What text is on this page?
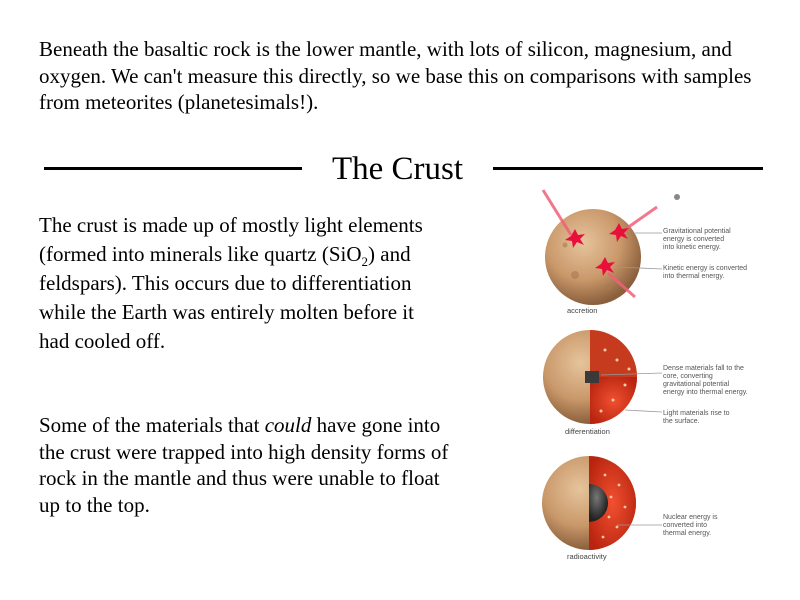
Beneath the basaltic rock is the lower mantle, with lots of silicon, magnesium, and oxygen. We can't measure this directly, so we base this on comparisons with samples from meteorites (planetesimals!).
The Crust
The crust is made up of mostly light elements (formed into minerals like quartz (SiO$_2$) and feldspars). This occurs due to differentiation while the Earth was entirely molten before it had cooled off.
Some of the materials that could have gone into the crust were trapped into high density forms of rock in the mantle and thus were unable to float up to the top.
Gravitational potential energy is converted into kinetic energy.
Kinetic energy is converted into thermal energy.
accretion
Dense materials fall to the core, converting gravitational potential energy into thermal energy.
Light materials rise to the surface.
differentiation
Nuclear energy is converted into thermal energy.
radioactivity
